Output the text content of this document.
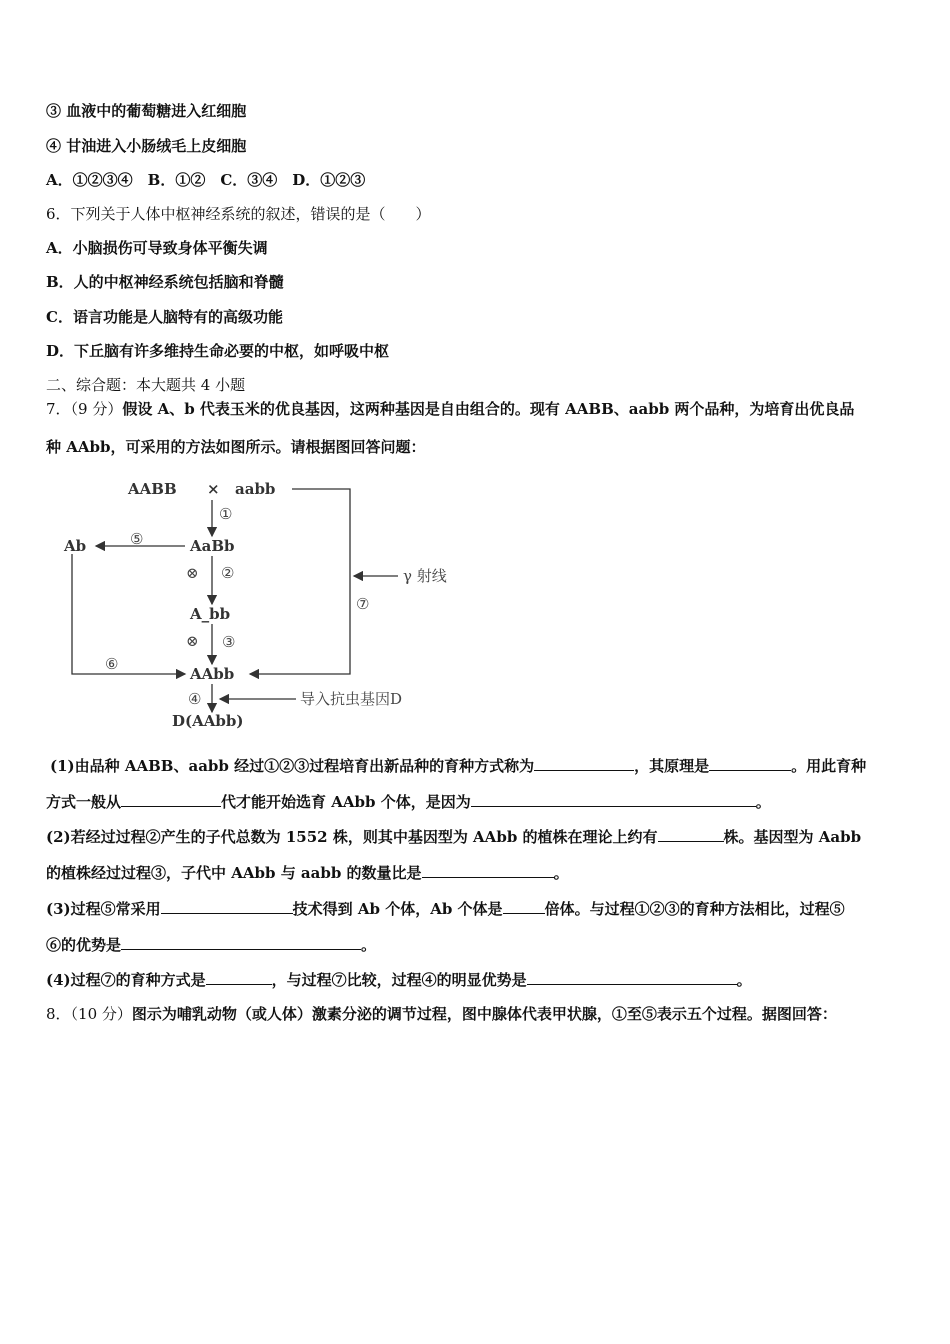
③ 血液中的葡萄糖进入红细胞
④ 甘油进入小肠绒毛上皮细胞
A．①②③④　B．①②　C．③④　D．①②③
6．下列关于人体中枢神经系统的叙述，错误的是（　　）
A．小脑损伤可导致身体平衡失调
B．人的中枢神经系统包括脑和脊髓
C．语言功能是人脑特有的高级功能
D．下丘脑有许多维持生命必要的中枢，如呼吸中枢
二、综合题：本大题共 4 小题
7．（9 分）假设 A、b 代表玉米的优良基因，这两种基因是自由组合的。现有 AABB、aabb 两个品种，为培育出优良品
种 AAbb，可采用的方法如图所示。请根据图回答问题：
AABB × aabb
AaBb
Ab
A_bb
AAbb
D(AAbb)
①
⑤
⊗ ②
⊗ ③
⑥
γ 射线
⑦
④	导入抗虫基因D
(1)由品种 AABB、aabb 经过①②③过程培育出新品种的育种方式称为	，其原理是	。用此育种
方式一般从	代才能开始选育 AAbb 个体，是因为	。
(2)若经过过程②产生的子代总数为 1552 株，则其中基因型为 AAbb 的植株在理论上约有	株。基因型为 Aabb
的植株经过过程③，子代中 AAbb 与 aabb 的数量比是	。
(3)过程⑤常采用	技术得到 Ab 个体，Ab 个体是	倍体。与过程①②③的育种方法相比，过程⑤
⑥的优势是	。
(4)过程⑦的育种方式是	，与过程⑦比较，过程④的明显优势是	。
8．（10 分）图示为哺乳动物（或人体）激素分泌的调节过程，图中腺体代表甲状腺，①至⑤表示五个过程。据图回答：
